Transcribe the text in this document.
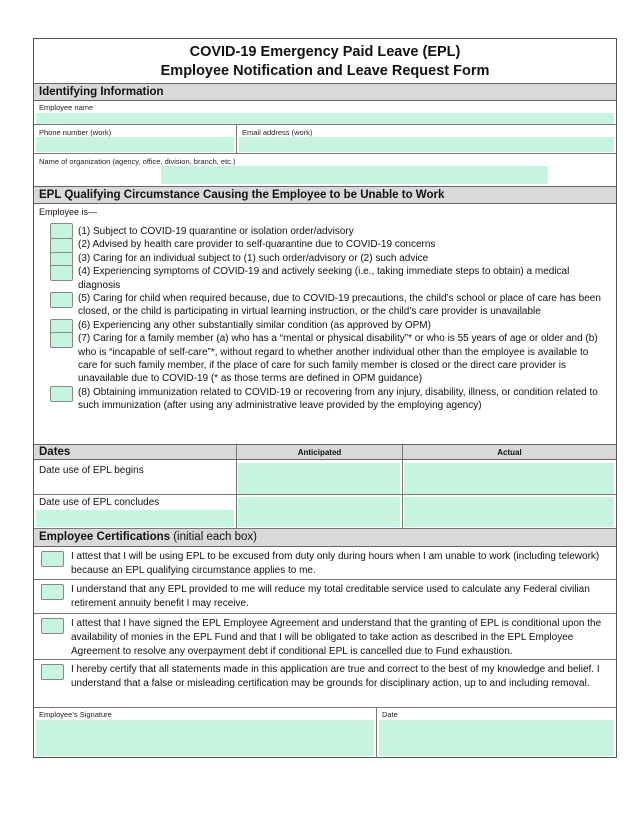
COVID-19 Emergency Paid Leave (EPL)
Employee Notification and Leave Request Form
Identifying Information
Employee name
Phone number (work)	Email address (work)
Name of organization (agency, office, division, branch, etc.)
EPL Qualifying Circumstance Causing the Employee to be Unable to Work
Employee is—
(1) Subject to COVID-19 quarantine or isolation order/advisory
(2) Advised by health care provider to self-quarantine due to COVID-19 concerns
(3) Caring for an individual subject to (1) such order/advisory or (2) such advice
(4) Experiencing symptoms of COVID-19 and actively seeking (i.e., taking immediate steps to obtain) a medical diagnosis
(5) Caring for child when required because, due to COVID-19 precautions, the child’s school or place of care has been closed, or the child is participating in virtual learning instruction, or the child’s care provider is unavailable
(6) Experiencing any other substantially similar condition (as approved by OPM)
(7) Caring for a family member (a) who has a “mental or physical disability”* or who is 55 years of age or older and (b) who is “incapable of self-care”*, without regard to whether another individual other than the employee is available to care for such family member, if the place of care for such family member is closed or the direct care provider is unavailable due to COVID-19 (* as those terms are defined in OPM guidance)
(8) Obtaining immunization related to COVID-19 or recovering from any injury, disability, illness, or condition related to such immunization (after using any administrative leave provided by the employing agency)
Dates	Anticipated	Actual
Date use of EPL begins
Date use of EPL concludes
Employee Certifications (initial each box)
I attest that I will be using EPL to be excused from duty only during hours when I am unable to work (including telework) because an EPL qualifying circumstance applies to me.
I understand that any EPL provided to me will reduce my total creditable service used to calculate any Federal civilian retirement annuity benefit I may receive.
I attest that I have signed the EPL Employee Agreement and understand that the granting of EPL is conditional upon the availability of monies in the EPL Fund and that I will be obligated to take action as described in the EPL Employee Agreement to resolve any overpayment debt if conditional EPL is cancelled due to Fund exhaustion.
I hereby certify that all statements made in this application are true and correct to the best of my knowledge and belief. I understand that a false or misleading certification may be grounds for disciplinary action, up to and including removal.
Employee’s Signature	Date
